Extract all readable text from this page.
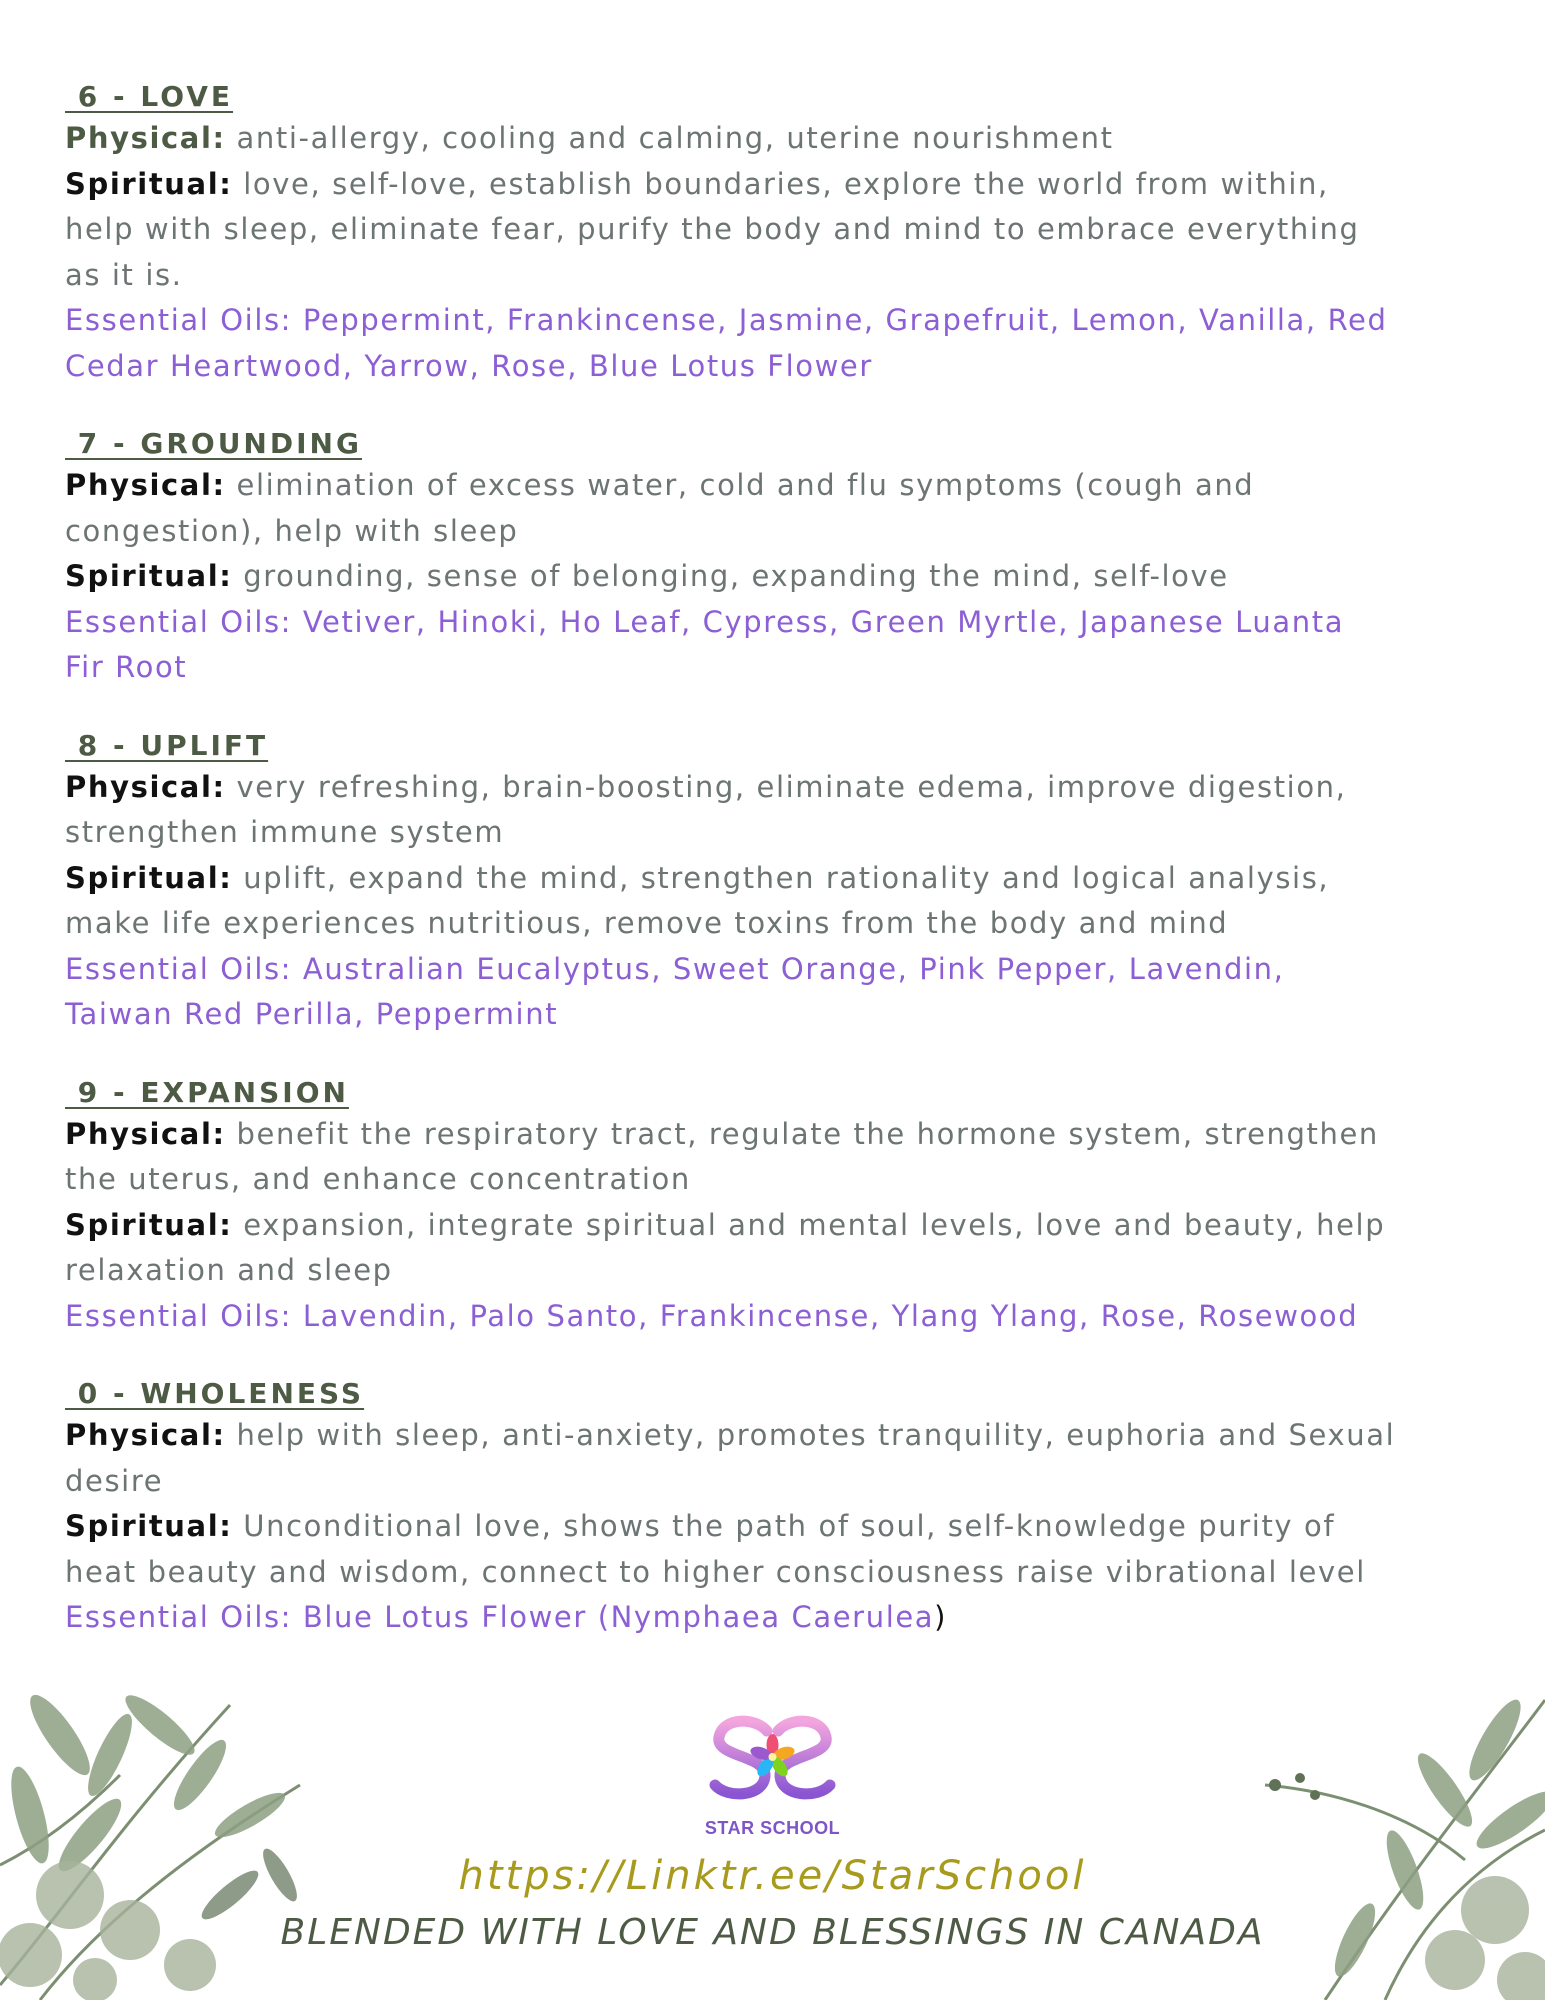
6 - LOVE
Physical: anti-allergy, cooling and calming, uterine nourishment
Spiritual: love, self-love, establish boundaries, explore the world from within,
help with sleep, eliminate fear, purify the body and mind to embrace everything
as it is.
Essential Oils: Peppermint, Frankincense, Jasmine, Grapefruit, Lemon, Vanilla, Red
Cedar Heartwood, Yarrow, Rose, Blue Lotus Flower
7 - GROUNDING
Physical: elimination of excess water, cold and flu symptoms (cough and
congestion), help with sleep
Spiritual: grounding, sense of belonging, expanding the mind, self-love
Essential Oils: Vetiver, Hinoki, Ho Leaf, Cypress, Green Myrtle, Japanese Luanta
Fir Root
8 - UPLIFT
Physical: very refreshing, brain-boosting, eliminate edema, improve digestion,
strengthen immune system
Spiritual: uplift, expand the mind, strengthen rationality and logical analysis,
make life experiences nutritious, remove toxins from the body and mind
Essential Oils: Australian Eucalyptus, Sweet Orange, Pink Pepper, Lavendin,
Taiwan Red Perilla, Peppermint
9 - EXPANSION
Physical: benefit the respiratory tract, regulate the hormone system, strengthen
the uterus, and enhance concentration
Spiritual: expansion, integrate spiritual and mental levels, love and beauty, help
relaxation and sleep
Essential Oils: Lavendin, Palo Santo, Frankincense, Ylang Ylang, Rose, Rosewood
0 - WHOLENESS
Physical: help with sleep, anti-anxiety, promotes tranquility, euphoria and Sexual
desire
Spiritual: Unconditional love, shows the path of soul, self-knowledge purity of
heat beauty and wisdom, connect to higher consciousness raise vibrational level
Essential Oils: Blue Lotus Flower (Nymphaea Caerulea)
STAR SCHOOL
https://Linktr.ee/StarSchool
BLENDED WITH LOVE AND BLESSINGS IN CANADA
